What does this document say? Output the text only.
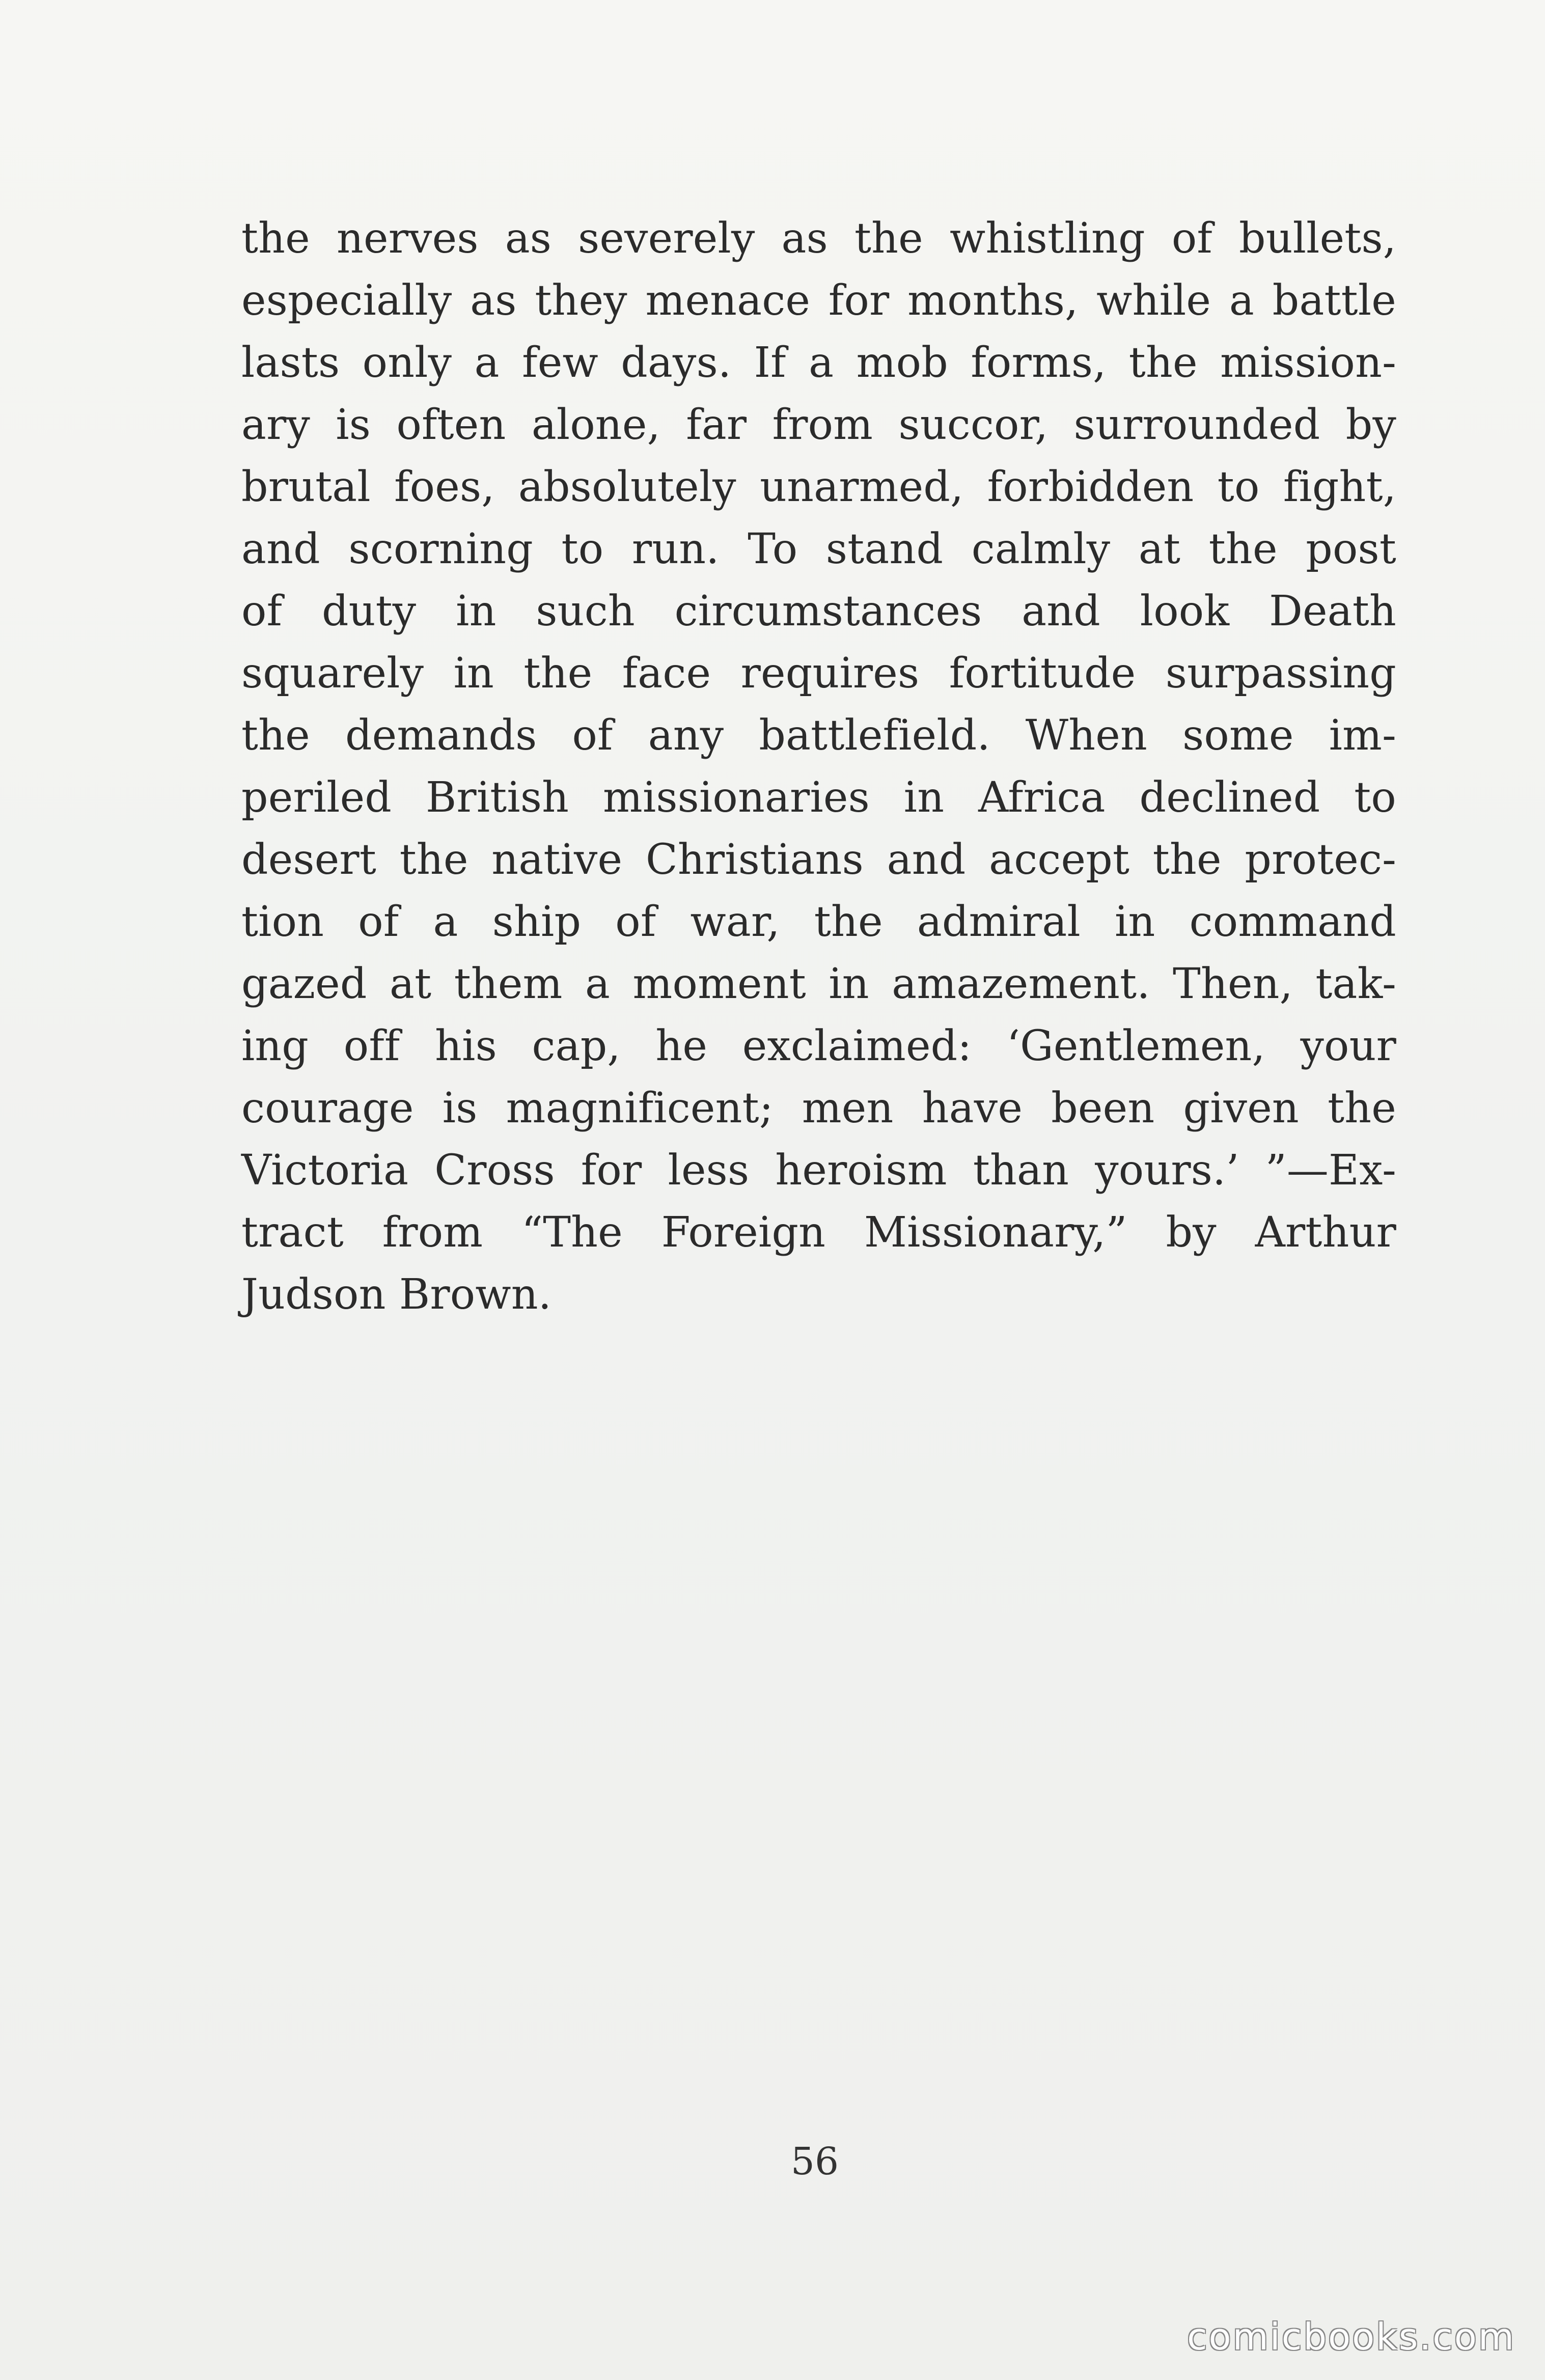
the nerves as severely as the whistling of bullets,
especially as they menace for months, while a battle
lasts only a few days. If a mob forms, the mission-
ary is often alone, far from succor, surrounded by
brutal foes, absolutely unarmed, forbidden to fight,
and scorning to run. To stand calmly at the post
of duty in such circumstances and look Death
squarely in the face requires fortitude surpassing
the demands of any battlefield. When some im-
periled British missionaries in Africa declined to
desert the native Christians and accept the protec-
tion of a ship of war, the admiral in command
gazed at them a moment in amazement. Then, tak-
ing off his cap, he exclaimed: ‘Gentlemen, your
courage is magnificent; men have been given the
Victoria Cross for less heroism than yours.’ ”—Ex-
tract from “The Foreign Missionary,” by Arthur
Judson Brown.
56
comicbooks.com
